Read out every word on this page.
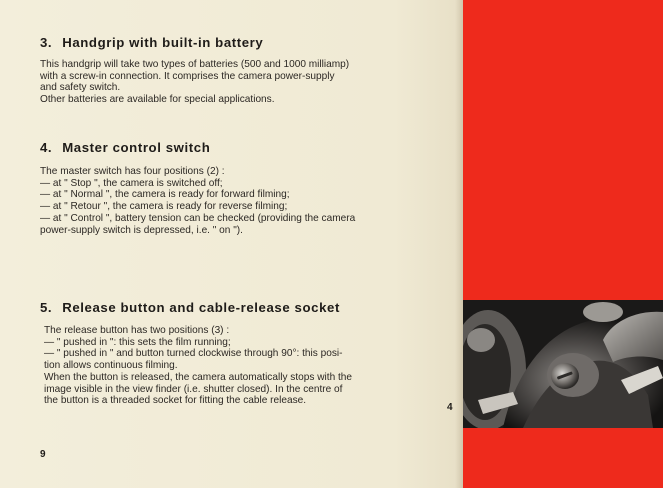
3. Handgrip with built-in battery
This handgrip will take two types of batteries (500 and 1000 milliamp)
with a screw-in connection. It comprises the camera power-supply
and safety switch.
Other batteries are available for special applications.
4. Master control switch
The master switch has four positions (2) :
— at " Stop ", the camera is switched off;
— at " Normal ", the camera is ready for forward filming;
— at " Retour ", the camera is ready for reverse filming;
— at " Control ", battery tension can be checked (providing the camera
power-supply switch is depressed, i.e. " on ").
5. Release button and cable-release socket
The release button has two positions (3) :
— " pushed in ": this sets the film running;
— " pushed in " and button turned clockwise through 90°: this posi-
tion allows continuous filming.
When the button is released, the camera automatically stops with the
image visible in the view finder (i.e. shutter closed). In the centre of
the button is a threaded socket for fitting the cable release.
9
4
